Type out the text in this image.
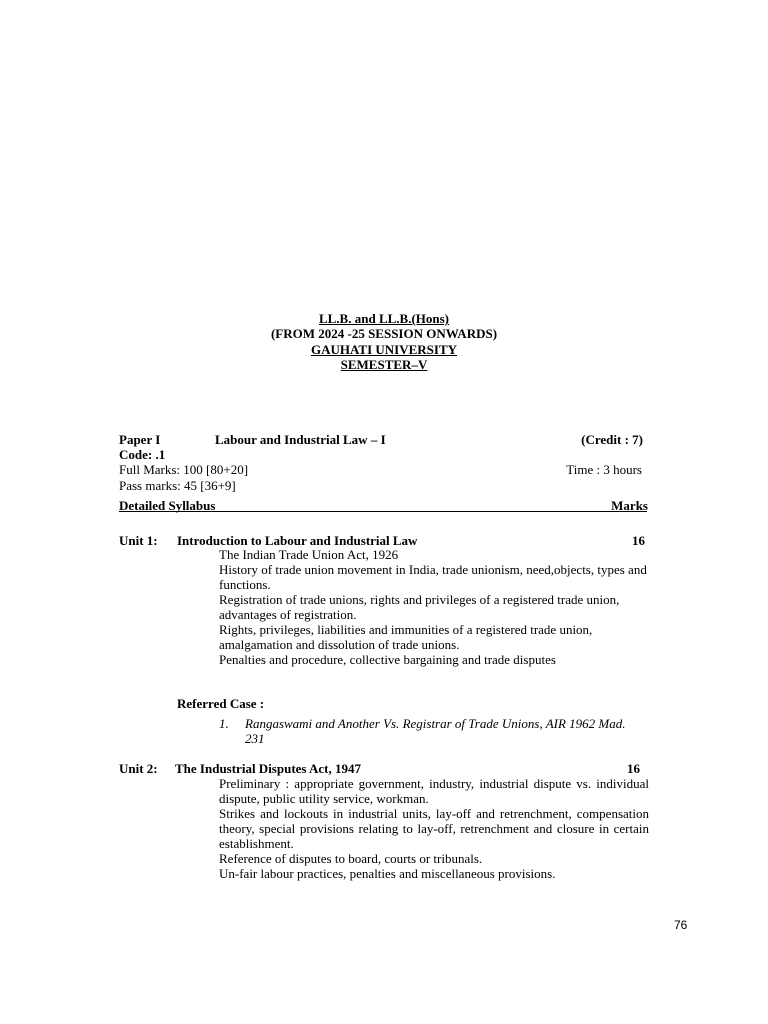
LL.B. and LL.B.(Hons)
(FROM 2024 -25 SESSION ONWARDS)
GAUHATI UNIVERSITY
SEMESTER–V
Paper I	Labour and Industrial Law – I	(Credit : 7)
Code: .1
Full Marks: 100 [80+20]	Time : 3 hours
Pass marks: 45 [36+9]
Detailed Syllabus	Marks
Unit 1: Introduction to Labour and Industrial Law	16

The Indian Trade Union Act, 1926

History of trade union movement in India, trade unionism, need,objects, types and functions.

Registration of trade unions, rights and privileges of a registered trade union, advantages of registration.

Rights, privileges, liabilities and immunities of a registered trade union, amalgamation and dissolution of trade unions.

Penalties and procedure, collective bargaining and trade disputes

Referred Case :
1. Rangaswami and Another Vs. Registrar of Trade Unions, AIR 1962 Mad. 231
Unit 2: The Industrial Disputes Act, 1947	16

Preliminary : appropriate government, industry, industrial dispute vs. individual dispute, public utility service, workman.

Strikes and lockouts in industrial units, lay-off and retrenchment, compensation theory, special provisions relating to lay-off, retrenchment and closure in certain establishment.

Reference of disputes to board, courts or tribunals.

Un-fair labour practices, penalties and miscellaneous provisions.

76
